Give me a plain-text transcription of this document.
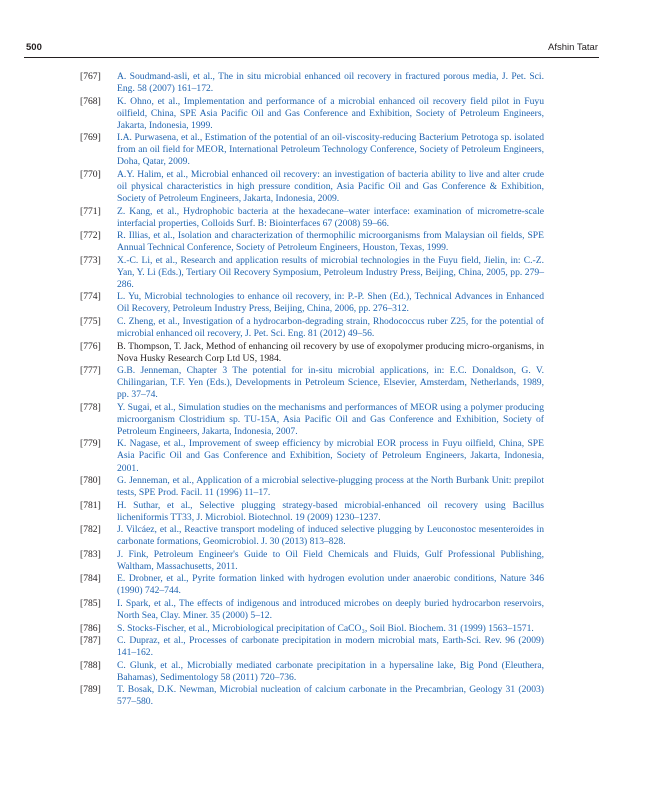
500	Afshin Tatar
[767] A. Soudmand-asli, et al., The in situ microbial enhanced oil recovery in fractured porous media, J. Pet. Sci. Eng. 58 (2007) 161–172.
[768] K. Ohno, et al., Implementation and performance of a microbial enhanced oil recovery field pilot in Fuyu oilfield, China, SPE Asia Pacific Oil and Gas Conference and Exhibition, Society of Petroleum Engineers, Jakarta, Indonesia, 1999.
[769] I.A. Purwasena, et al., Estimation of the potential of an oil-viscosity-reducing Bacterium Petrotoga sp. isolated from an oil field for MEOR, International Petroleum Technology Conference, Society of Petroleum Engineers, Doha, Qatar, 2009.
[770] A.Y. Halim, et al., Microbial enhanced oil recovery: an investigation of bacteria ability to live and alter crude oil physical characteristics in high pressure condition, Asia Pacific Oil and Gas Conference & Exhibition, Society of Petroleum Engineers, Jakarta, Indonesia, 2009.
[771] Z. Kang, et al., Hydrophobic bacteria at the hexadecane–water interface: examination of micrometre-scale interfacial properties, Colloids Surf. B: Biointerfaces 67 (2008) 59–66.
[772] R. Illias, et al., Isolation and characterization of thermophilic microorganisms from Malaysian oil fields, SPE Annual Technical Conference, Society of Petroleum Engineers, Houston, Texas, 1999.
[773] X.-C. Li, et al., Research and application results of microbial technologies in the Fuyu field, Jielin, in: C.-Z. Yan, Y. Li (Eds.), Tertiary Oil Recovery Symposium, Petroleum Industry Press, Beijing, China, 2005, pp. 279–286.
[774] L. Yu, Microbial technologies to enhance oil recovery, in: P.-P. Shen (Ed.), Technical Advances in Enhanced Oil Recovery, Petroleum Industry Press, Beijing, China, 2006, pp. 276–312.
[775] C. Zheng, et al., Investigation of a hydrocarbon-degrading strain, Rhodococcus ruber Z25, for the potential of microbial enhanced oil recovery, J. Pet. Sci. Eng. 81 (2012) 49–56.
[776] B. Thompson, T. Jack, Method of enhancing oil recovery by use of exopolymer producing micro-organisms, in Nova Husky Research Corp Ltd US, 1984.
[777] G.B. Jenneman, Chapter 3 The potential for in-situ microbial applications, in: E.C. Donaldson, G. V. Chilingarian, T.F. Yen (Eds.), Developments in Petroleum Science, Elsevier, Amsterdam, Netherlands, 1989, pp. 37–74.
[778] Y. Sugai, et al., Simulation studies on the mechanisms and performances of MEOR using a polymer producing microorganism Clostridium sp. TU-15A, Asia Pacific Oil and Gas Conference and Exhibition, Society of Petroleum Engineers, Jakarta, Indonesia, 2007.
[779] K. Nagase, et al., Improvement of sweep efficiency by microbial EOR process in Fuyu oilfield, China, SPE Asia Pacific Oil and Gas Conference and Exhibition, Society of Petroleum Engineers, Jakarta, Indonesia, 2001.
[780] G. Jenneman, et al., Application of a microbial selective-plugging process at the North Burbank Unit: prepilot tests, SPE Prod. Facil. 11 (1996) 11–17.
[781] H. Suthar, et al., Selective plugging strategy-based microbial-enhanced oil recovery using Bacillus licheniformis TT33, J. Microbiol. Biotechnol. 19 (2009) 1230–1237.
[782] J. Vilcáez, et al., Reactive transport modeling of induced selective plugging by Leuconostoc mesenteroides in carbonate formations, Geomicrobiol. J. 30 (2013) 813–828.
[783] J. Fink, Petroleum Engineer's Guide to Oil Field Chemicals and Fluids, Gulf Professional Publishing, Waltham, Massachusetts, 2011.
[784] E. Drobner, et al., Pyrite formation linked with hydrogen evolution under anaerobic conditions, Nature 346 (1990) 742–744.
[785] I. Spark, et al., The effects of indigenous and introduced microbes on deeply buried hydrocarbon reservoirs, North Sea, Clay. Miner. 35 (2000) 5–12.
[786] S. Stocks-Fischer, et al., Microbiological precipitation of CaCO₃, Soil Biol. Biochem. 31 (1999) 1563–1571.
[787] C. Dupraz, et al., Processes of carbonate precipitation in modern microbial mats, Earth-Sci. Rev. 96 (2009) 141–162.
[788] C. Glunk, et al., Microbially mediated carbonate precipitation in a hypersaline lake, Big Pond (Eleuthera, Bahamas), Sedimentology 58 (2011) 720–736.
[789] T. Bosak, D.K. Newman, Microbial nucleation of calcium carbonate in the Precambrian, Geology 31 (2003) 577–580.
